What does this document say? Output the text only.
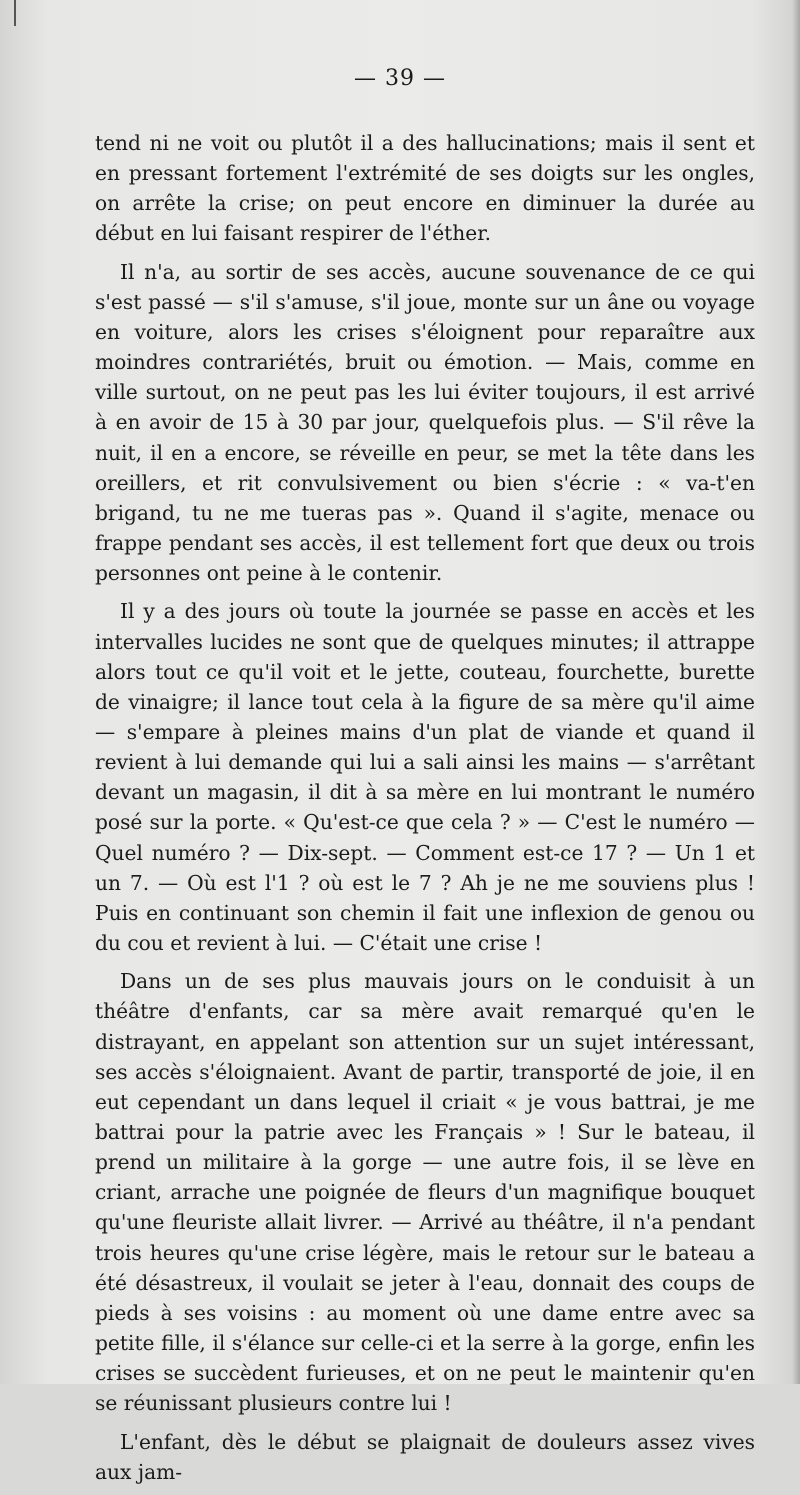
— 39 —

tend ni ne voit ou plutôt il a des hallucinations; mais il sent et en pressant fortement l'extrémité de ses doigts sur les ongles, on arrête la crise; on peut encore en diminuer la durée au début en lui faisant respirer de l'éther.

Il n'a, au sortir de ses accès, aucune souvenance de ce qui s'est passé — s'il s'amuse, s'il joue, monte sur un âne ou voyage en voiture, alors les crises s'éloignent pour reparaître aux moindres contrariétés, bruit ou émotion. — Mais, comme en ville surtout, on ne peut pas les lui éviter toujours, il est arrivé à en avoir de 15 à 30 par jour, quelquefois plus. — S'il rêve la nuit, il en a encore, se réveille en peur, se met la tête dans les oreillers, et rit convulsivement ou bien s'écrie : « va-t'en brigand, tu ne me tueras pas ». Quand il s'agite, menace ou frappe pendant ses accès, il est tellement fort que deux ou trois personnes ont peine à le contenir.

Il y a des jours où toute la journée se passe en accès et les intervalles lucides ne sont que de quelques minutes; il attrappe alors tout ce qu'il voit et le jette, couteau, fourchette, burette de vinaigre; il lance tout cela à la figure de sa mère qu'il aime — s'empare à pleines mains d'un plat de viande et quand il revient à lui demande qui lui a sali ainsi les mains — s'arrêtant devant un magasin, il dit à sa mère en lui montrant le numéro posé sur la porte. « Qu'est-ce que cela ? » — C'est le numéro — Quel numéro ? — Dix-sept. — Comment est-ce 17 ? — Un 1 et un 7. — Où est l'1 ? où est le 7 ? Ah je ne me souviens plus ! Puis en continuant son chemin il fait une inflexion de genou ou du cou et revient à lui. — C'était une crise !

Dans un de ses plus mauvais jours on le conduisit à un théâtre d'enfants, car sa mère avait remarqué qu'en le distrayant, en appelant son attention sur un sujet intéressant, ses accès s'éloignaient. Avant de partir, transporté de joie, il en eut cependant un dans lequel il criait « je vous battrai, je me battrai pour la patrie avec les Français » ! Sur le bateau, il prend un militaire à la gorge — une autre fois, il se lève en criant, arrache une poignée de fleurs d'un magnifique bouquet qu'une fleuriste allait livrer. — Arrivé au théâtre, il n'a pendant trois heures qu'une crise légère, mais le retour sur le bateau a été désastreux, il voulait se jeter à l'eau, donnait des coups de pieds à ses voisins : au moment où une dame entre avec sa petite fille, il s'élance sur celle-ci et la serre à la gorge, enfin les crises se succèdent furieuses, et on ne peut le maintenir qu'en se réunissant plusieurs contre lui !

L'enfant, dès le début se plaignait de douleurs assez vives aux jam-
